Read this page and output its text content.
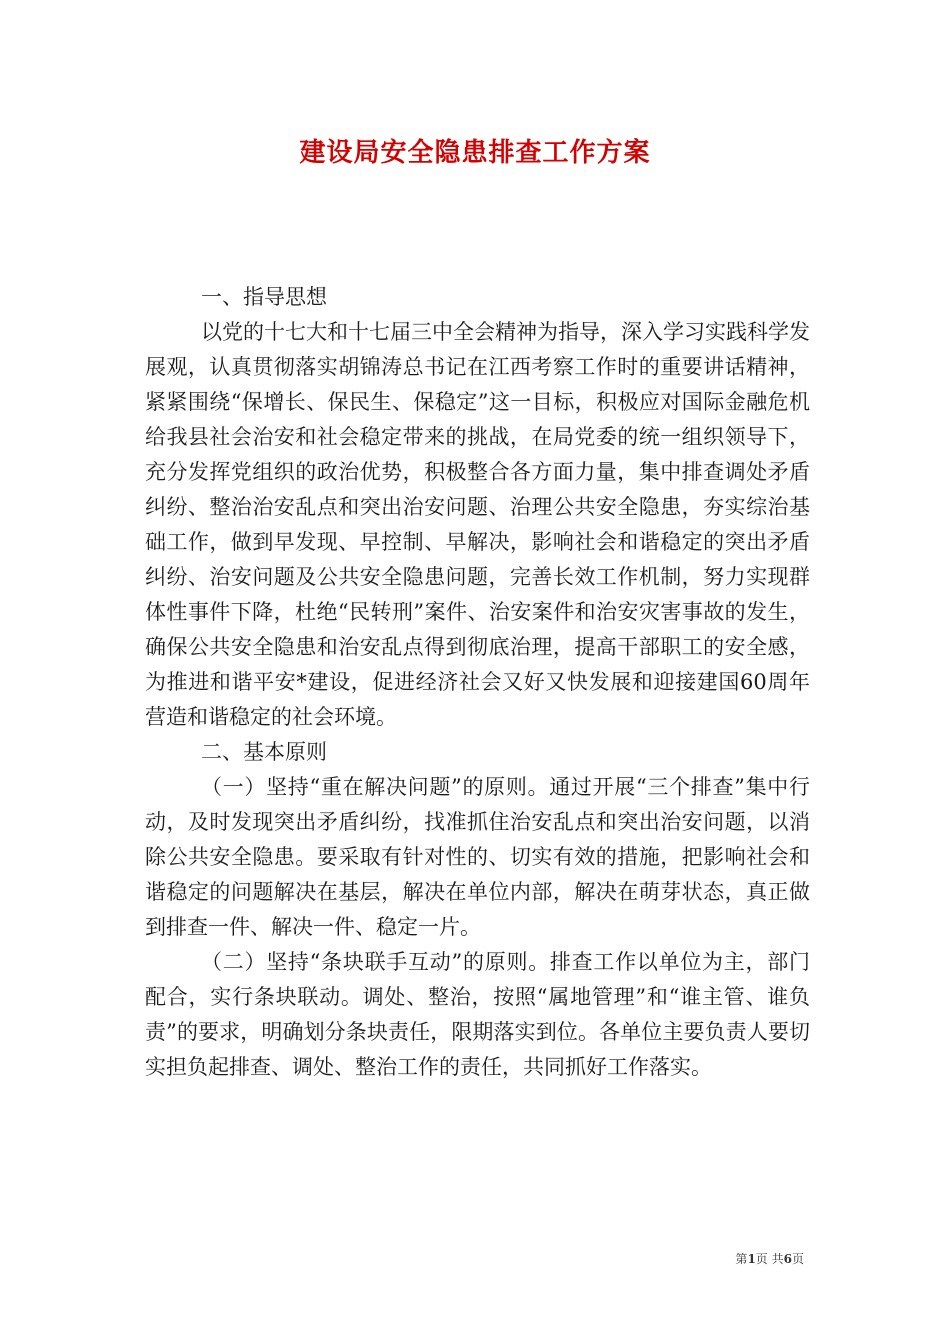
建设局安全隐患排查工作方案

一、指导思想

以党的十七大和十七届三中全会精神为指导，深入学习实践科学发展观，认真贯彻落实胡锦涛总书记在江西考察工作时的重要讲话精神，紧紧围绕“保增长、保民生、保稳定”这一目标，积极应对国际金融危机给我县社会治安和社会稳定带来的挑战，在局党委的统一组织领导下，充分发挥党组织的政治优势，积极整合各方面力量，集中排查调处矛盾纠纷、整治治安乱点和突出治安问题、治理公共安全隐患，夯实综治基础工作，做到早发现、早控制、早解决，影响社会和谐稳定的突出矛盾纠纷、治安问题及公共安全隐患问题，完善长效工作机制，努力实现群体性事件下降，杜绝“民转刑”案件、治安案件和治安灾害事故的发生，确保公共安全隐患和治安乱点得到彻底治理，提高干部职工的安全感，为推进和谐平安*建设，促进经济社会又好又快发展和迎接建国60周年营造和谐稳定的社会环境。

二、基本原则

（一）坚持“重在解决问题”的原则。通过开展“三个排查”集中行动，及时发现突出矛盾纠纷，找准抓住治安乱点和突出治安问题，以消除公共安全隐患。要采取有针对性的、切实有效的措施，把影响社会和谐稳定的问题解决在基层，解决在单位内部，解决在萌芽状态，真正做到排查一件、解决一件、稳定一片。

（二）坚持“条块联手互动”的原则。排查工作以单位为主，部门配合，实行条块联动。调处、整治，按照“属地管理”和“谁主管、谁负责”的要求，明确划分条块责任，限期落实到位。各单位主要负责人要切实担负起排查、调处、整治工作的责任，共同抓好工作落实。

第1页 共6页
